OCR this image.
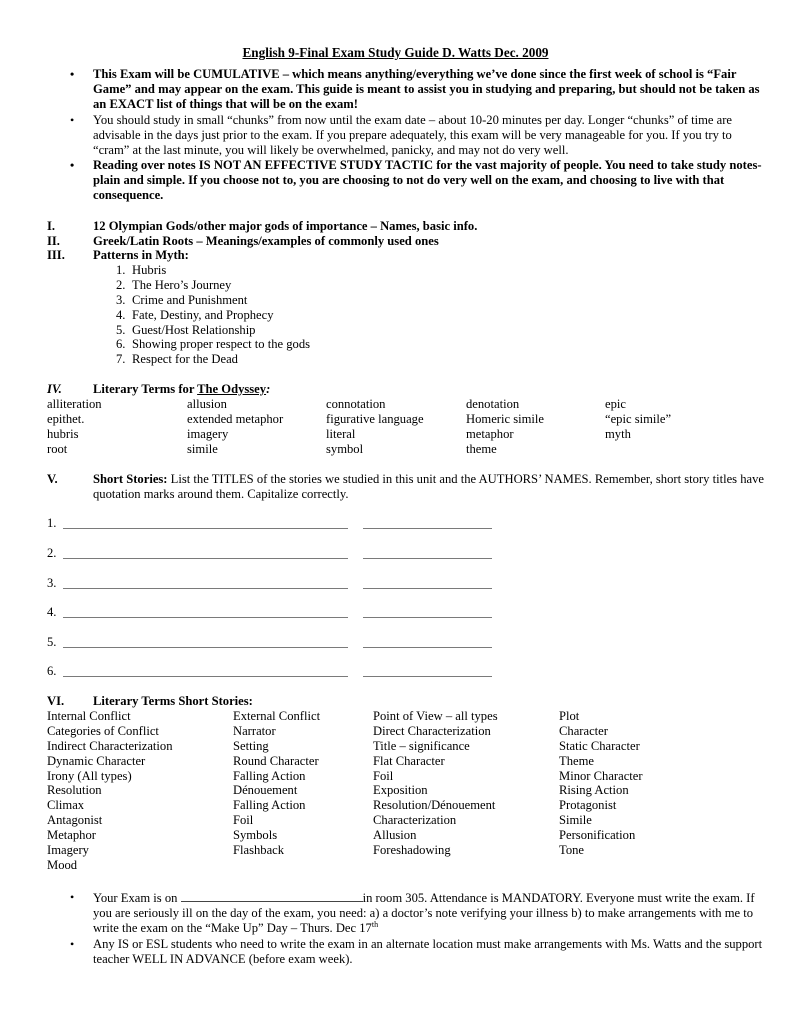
English 9-Final Exam Study Guide D. Watts Dec. 2009
• This Exam will be CUMULATIVE – which means anything/everything we’ve done since the first week of school is “Fair Game” and may appear on the exam. This guide is meant to assist you in studying and preparing, but should not be taken as an EXACT list of things that will be on the exam!
• You should study in small “chunks” from now until the exam date – about 10-20 minutes per day. Longer “chunks” of time are advisable in the days just prior to the exam. If you prepare adequately, this exam will be very manageable for you. If you try to “cram” at the last minute, you will likely be overwhelmed, panicky, and may not do very well.
• Reading over notes IS NOT AN EFFECTIVE STUDY TACTIC for the vast majority of people. You need to take study notes- plain and simple. If you choose not to, you are choosing to not do very well on the exam, and choosing to live with that consequence.
I.	12 Olympian Gods/other major gods of importance – Names, basic info.
II.	Greek/Latin Roots – Meanings/examples of commonly used ones
III. Patterns in Myth:
1. Hubris
2. The Hero’s Journey
3. Crime and Punishment
4. Fate, Destiny, and Prophecy
5. Guest/Host Relationship
6. Showing proper respect to the gods
7. Respect for the Dead
IV. Literary Terms for The Odyssey:
alliteration	allusion	connotation	denotation	epic
epithet.	extended metaphor	figurative language	Homeric simile	“epic simile”
hubris	imagery	literal	metaphor	myth
root	simile	symbol	theme
V.	Short Stories: List the TITLES of the stories we studied in this unit and the AUTHORS’ NAMES. Remember, short story titles have quotation marks around them. Capitalize correctly.
1.
2.
3.
4.
5.
6.
VI. Literary Terms Short Stories:
Internal Conflict	External Conflict	Point of View – all types	Plot
Categories of Conflict	Narrator	Direct Characterization	Character
Indirect Characterization	Setting	Title – significance	Static Character
Dynamic Character	Round Character	Flat Character	Theme
Irony (All types)	Falling Action	Foil	Minor Character
Resolution	Dénouement	Exposition	Rising Action
Climax	Falling Action	Resolution/Dénouement	Protagonist
Antagonist	Foil	Characterization	Simile
Metaphor	Symbols	Allusion	Personification
Imagery	Flashback	Foreshadowing	Tone
Mood
• Your Exam is on	in room 305. Attendance is MANDATORY. Everyone must write the exam. If you are seriously ill on the day of the exam, you need: a) a doctor’s note verifying your illness b) to make arrangements with me to write the exam on the “Make Up” Day – Thurs. Dec 17th
• Any IS or ESL students who need to write the exam in an alternate location must make arrangements with Ms. Watts and the support teacher WELL IN ADVANCE (before exam week).
